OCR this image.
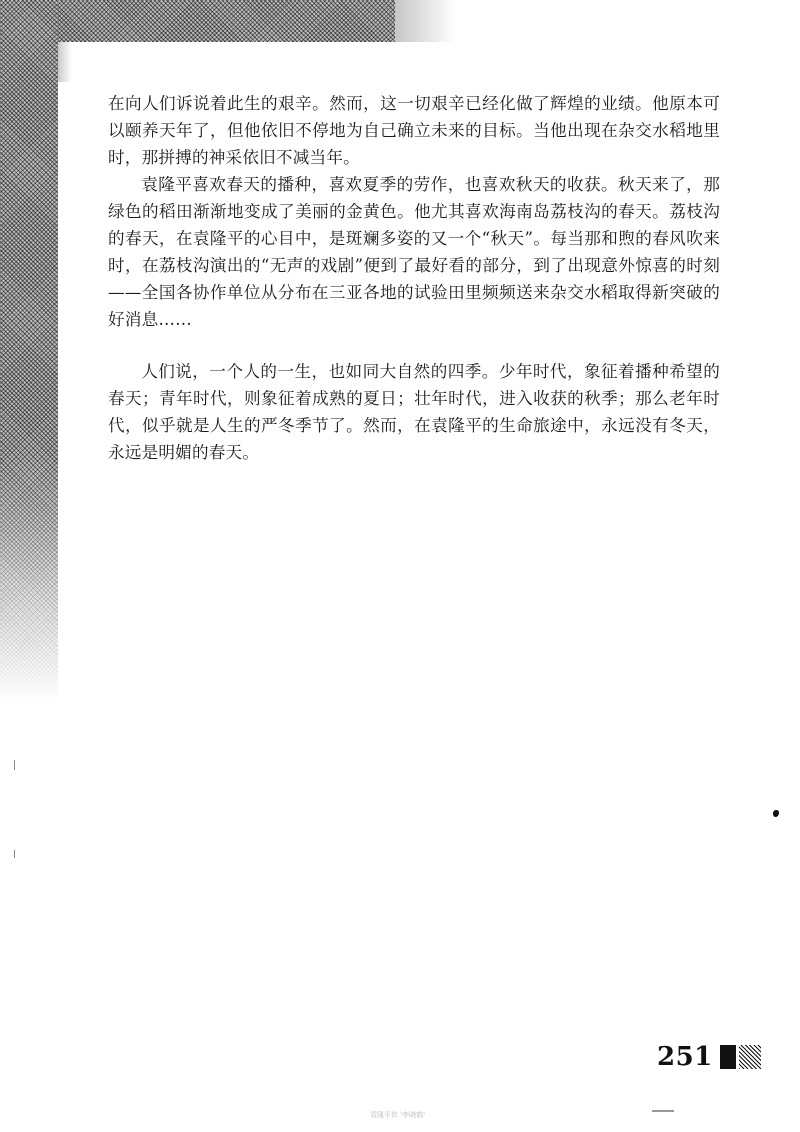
在向人们诉说着此生的艰辛。然而，这一切艰辛已经化做了辉煌的业绩。他原本可以颐养天年了，但他依旧不停地为自己确立未来的目标。当他出现在杂交水稻地里时，那拼搏的神采依旧不减当年。

袁隆平喜欢春天的播种，喜欢夏季的劳作，也喜欢秋天的收获。秋天来了，那绿色的稻田渐渐地变成了美丽的金黄色。他尤其喜欢海南岛荔枝沟的春天。荔枝沟的春天，在袁隆平的心目中，是斑斓多姿的又一个“秋天”。每当那和煦的春风吹来时，在荔枝沟演出的“无声的戏剧”便到了最好看的部分，到了出现意外惊喜的时刻——全国各协作单位从分布在三亚各地的试验田里频频送来杂交水稻取得新突破的好消息……

人们说，一个人的一生，也如同大自然的四季。少年时代，象征着播种希望的春天；青年时代，则象征着成熟的夏日；壮年时代，进入收获的秋季；那么老年时代，似乎就是人生的严冬季节了。然而，在袁隆平的生命旅途中，永远没有冬天，永远是明媚的春天。

251
袁隆平传 '李晓鹤'
